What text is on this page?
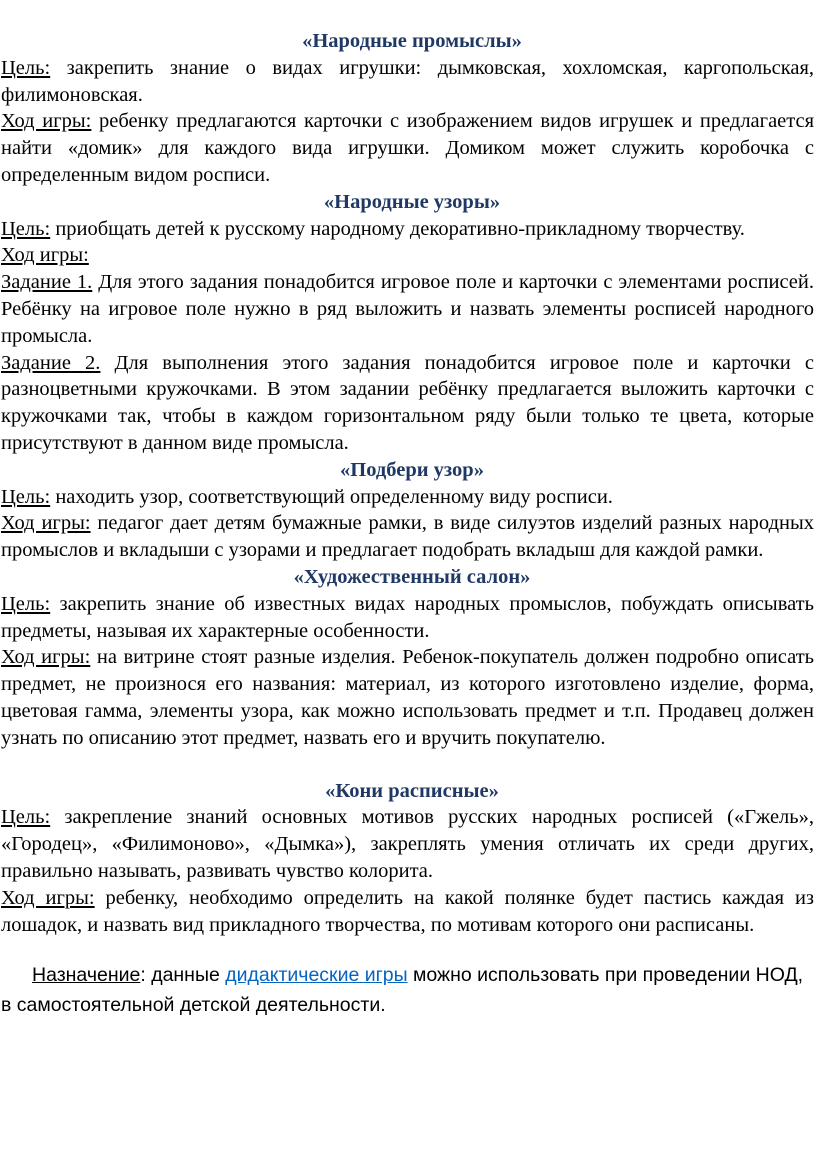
«Народные промыслы»

Цель: закрепить знание о видах игрушки: дымковская, хохломская, каргопольская, филимоновская.

Ход игры: ребенку предлагаются карточки с изображением видов игрушек и предлагается найти «домик» для каждого вида игрушки. Домиком может служить коробочка с определенным видом росписи.

«Народные узоры»

Цель: приобщать детей к русскому народному декоративно-прикладному творчеству.

Ход игры:

Задание 1. Для этого задания понадобится игровое поле и карточки с элементами росписей. Ребёнку на игровое поле нужно в ряд выложить и назвать элементы росписей народного промысла.

Задание 2. Для выполнения этого задания понадобится игровое поле и карточки с разноцветными кружочками. В этом задании ребёнку предлагается выложить карточки с кружочками так, чтобы в каждом горизонтальном ряду были только те цвета, которые присутствуют в данном виде промысла.

«Подбери узор»

Цель: находить узор, соответствующий определенному виду росписи.

Ход игры: педагог дает детям бумажные рамки, в виде силуэтов изделий разных народных промыслов и вкладыши с узорами и предлагает подобрать вкладыш для каждой рамки.

«Художественный салон»

Цель: закрепить знание об известных видах народных промыслов, побуждать описывать предметы, называя их характерные особенности.

Ход игры: на витрине стоят разные изделия. Ребенок-покупатель должен подробно описать предмет, не произнося его названия: материал, из которого изготовлено изделие, форма, цветовая гамма, элементы узора, как можно использовать предмет и т.п. Продавец должен узнать по описанию этот предмет, назвать его и вручить покупателю.

«Кони расписные»

Цель: закрепление знаний основных мотивов русских народных росписей («Гжель», «Городец», «Филимоново», «Дымка»), закреплять умения отличать их среди других, правильно называть, развивать чувство колорита.

Ход игры: ребенку, необходимо определить на какой полянке будет пастись каждая из лошадок, и назвать вид прикладного творчества, по мотивам которого они расписаны.

Назначение: данные дидактические игры можно использовать при проведении НОД, в самостоятельной детской деятельности.
